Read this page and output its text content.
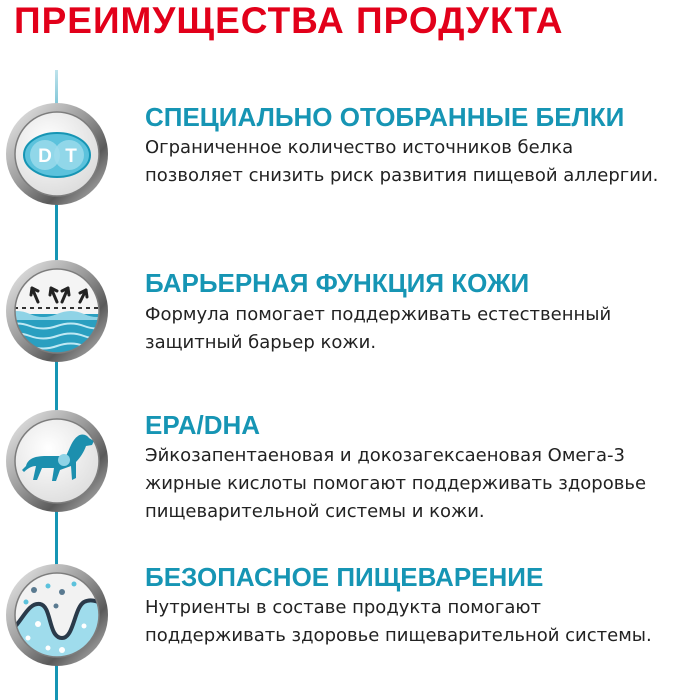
ПРЕИМУЩЕСТВА ПРОДУКТА
D T
СПЕЦИАЛЬНО ОТОБРАННЫЕ БЕЛКИ

Ограниченное количество источников белка позволяет снизить риск развития пищевой аллергии.

БАРЬЕРНАЯ ФУНКЦИЯ КОЖИ

Формула помогает поддерживать естественный защитный барьер кожи.

EPA/DHA

Эйкозапентаеновая и докозагексаеновая Омега-3 жирные кислоты помогают поддерживать здоровье пищеварительной системы и кожи.

БЕЗОПАСНОЕ ПИЩЕВАРЕНИЕ

Нутриенты в составе продукта помогают поддерживать здоровье пищеварительной системы.
